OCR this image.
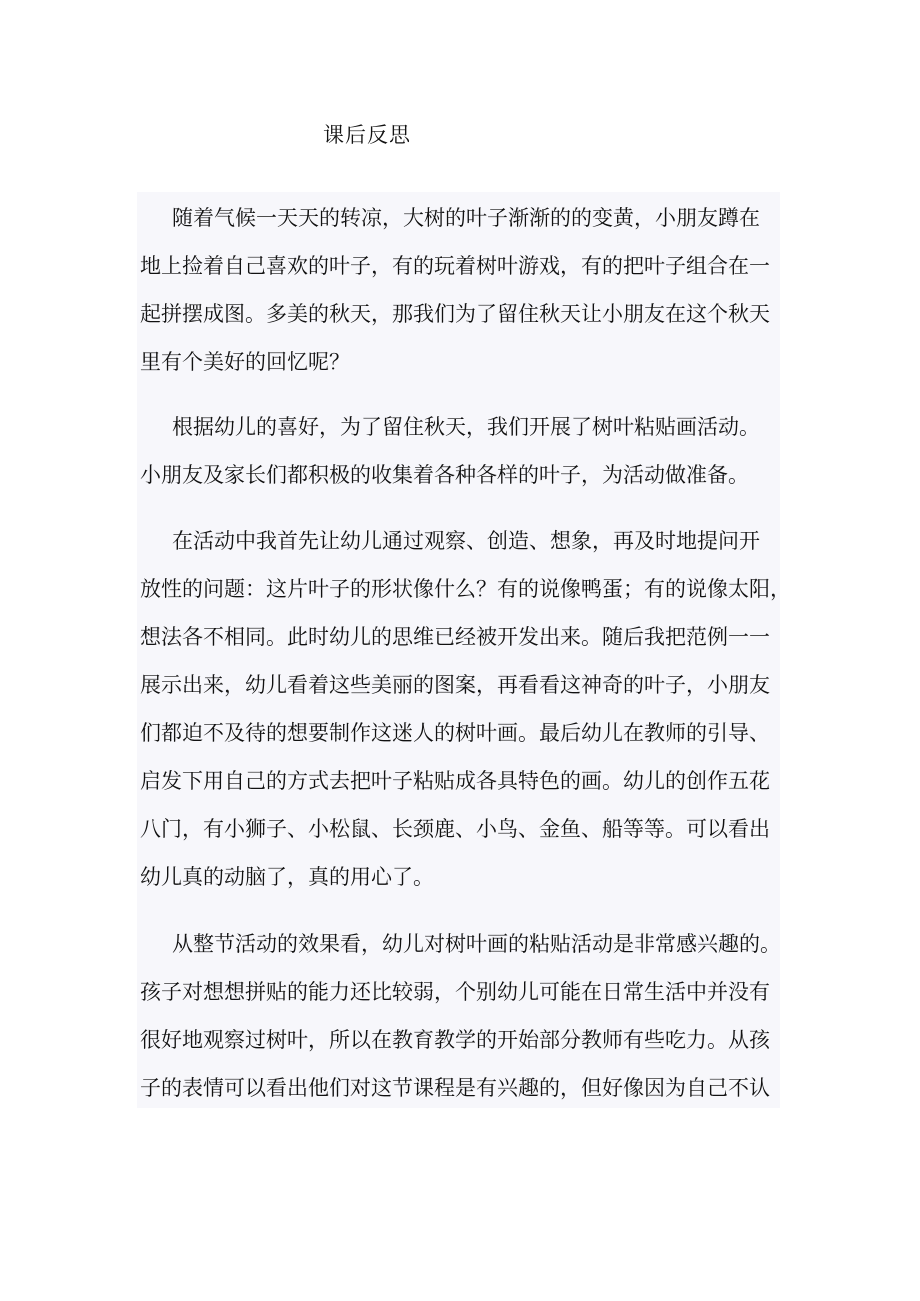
课后反思
随着气候一天天的转凉，大树的叶子渐渐的的变黄，小朋友蹲在
地上捡着自己喜欢的叶子，有的玩着树叶游戏，有的把叶子组合在一
起拼摆成图。多美的秋天，那我们为了留住秋天让小朋友在这个秋天
里有个美好的回忆呢？
根据幼儿的喜好，为了留住秋天，我们开展了树叶粘贴画活动。
小朋友及家长们都积极的收集着各种各样的叶子，为活动做准备。
在活动中我首先让幼儿通过观察、创造、想象，再及时地提问开
放性的问题：这片叶子的形状像什么？有的说像鸭蛋；有的说像太阳，
想法各不相同。此时幼儿的思维已经被开发出来。随后我把范例一一
展示出来，幼儿看着这些美丽的图案，再看看这神奇的叶子，小朋友
们都迫不及待的想要制作这迷人的树叶画。最后幼儿在教师的引导、
启发下用自己的方式去把叶子粘贴成各具特色的画。幼儿的创作五花
八门，有小狮子、小松鼠、长颈鹿、小鸟、金鱼、船等等。可以看出
幼儿真的动脑了，真的用心了。
从整节活动的效果看，幼儿对树叶画的粘贴活动是非常感兴趣的。
孩子对想想拼贴的能力还比较弱，个别幼儿可能在日常生活中并没有
很好地观察过树叶，所以在教育教学的开始部分教师有些吃力。从孩
子的表情可以看出他们对这节课程是有兴趣的，但好像因为自己不认
